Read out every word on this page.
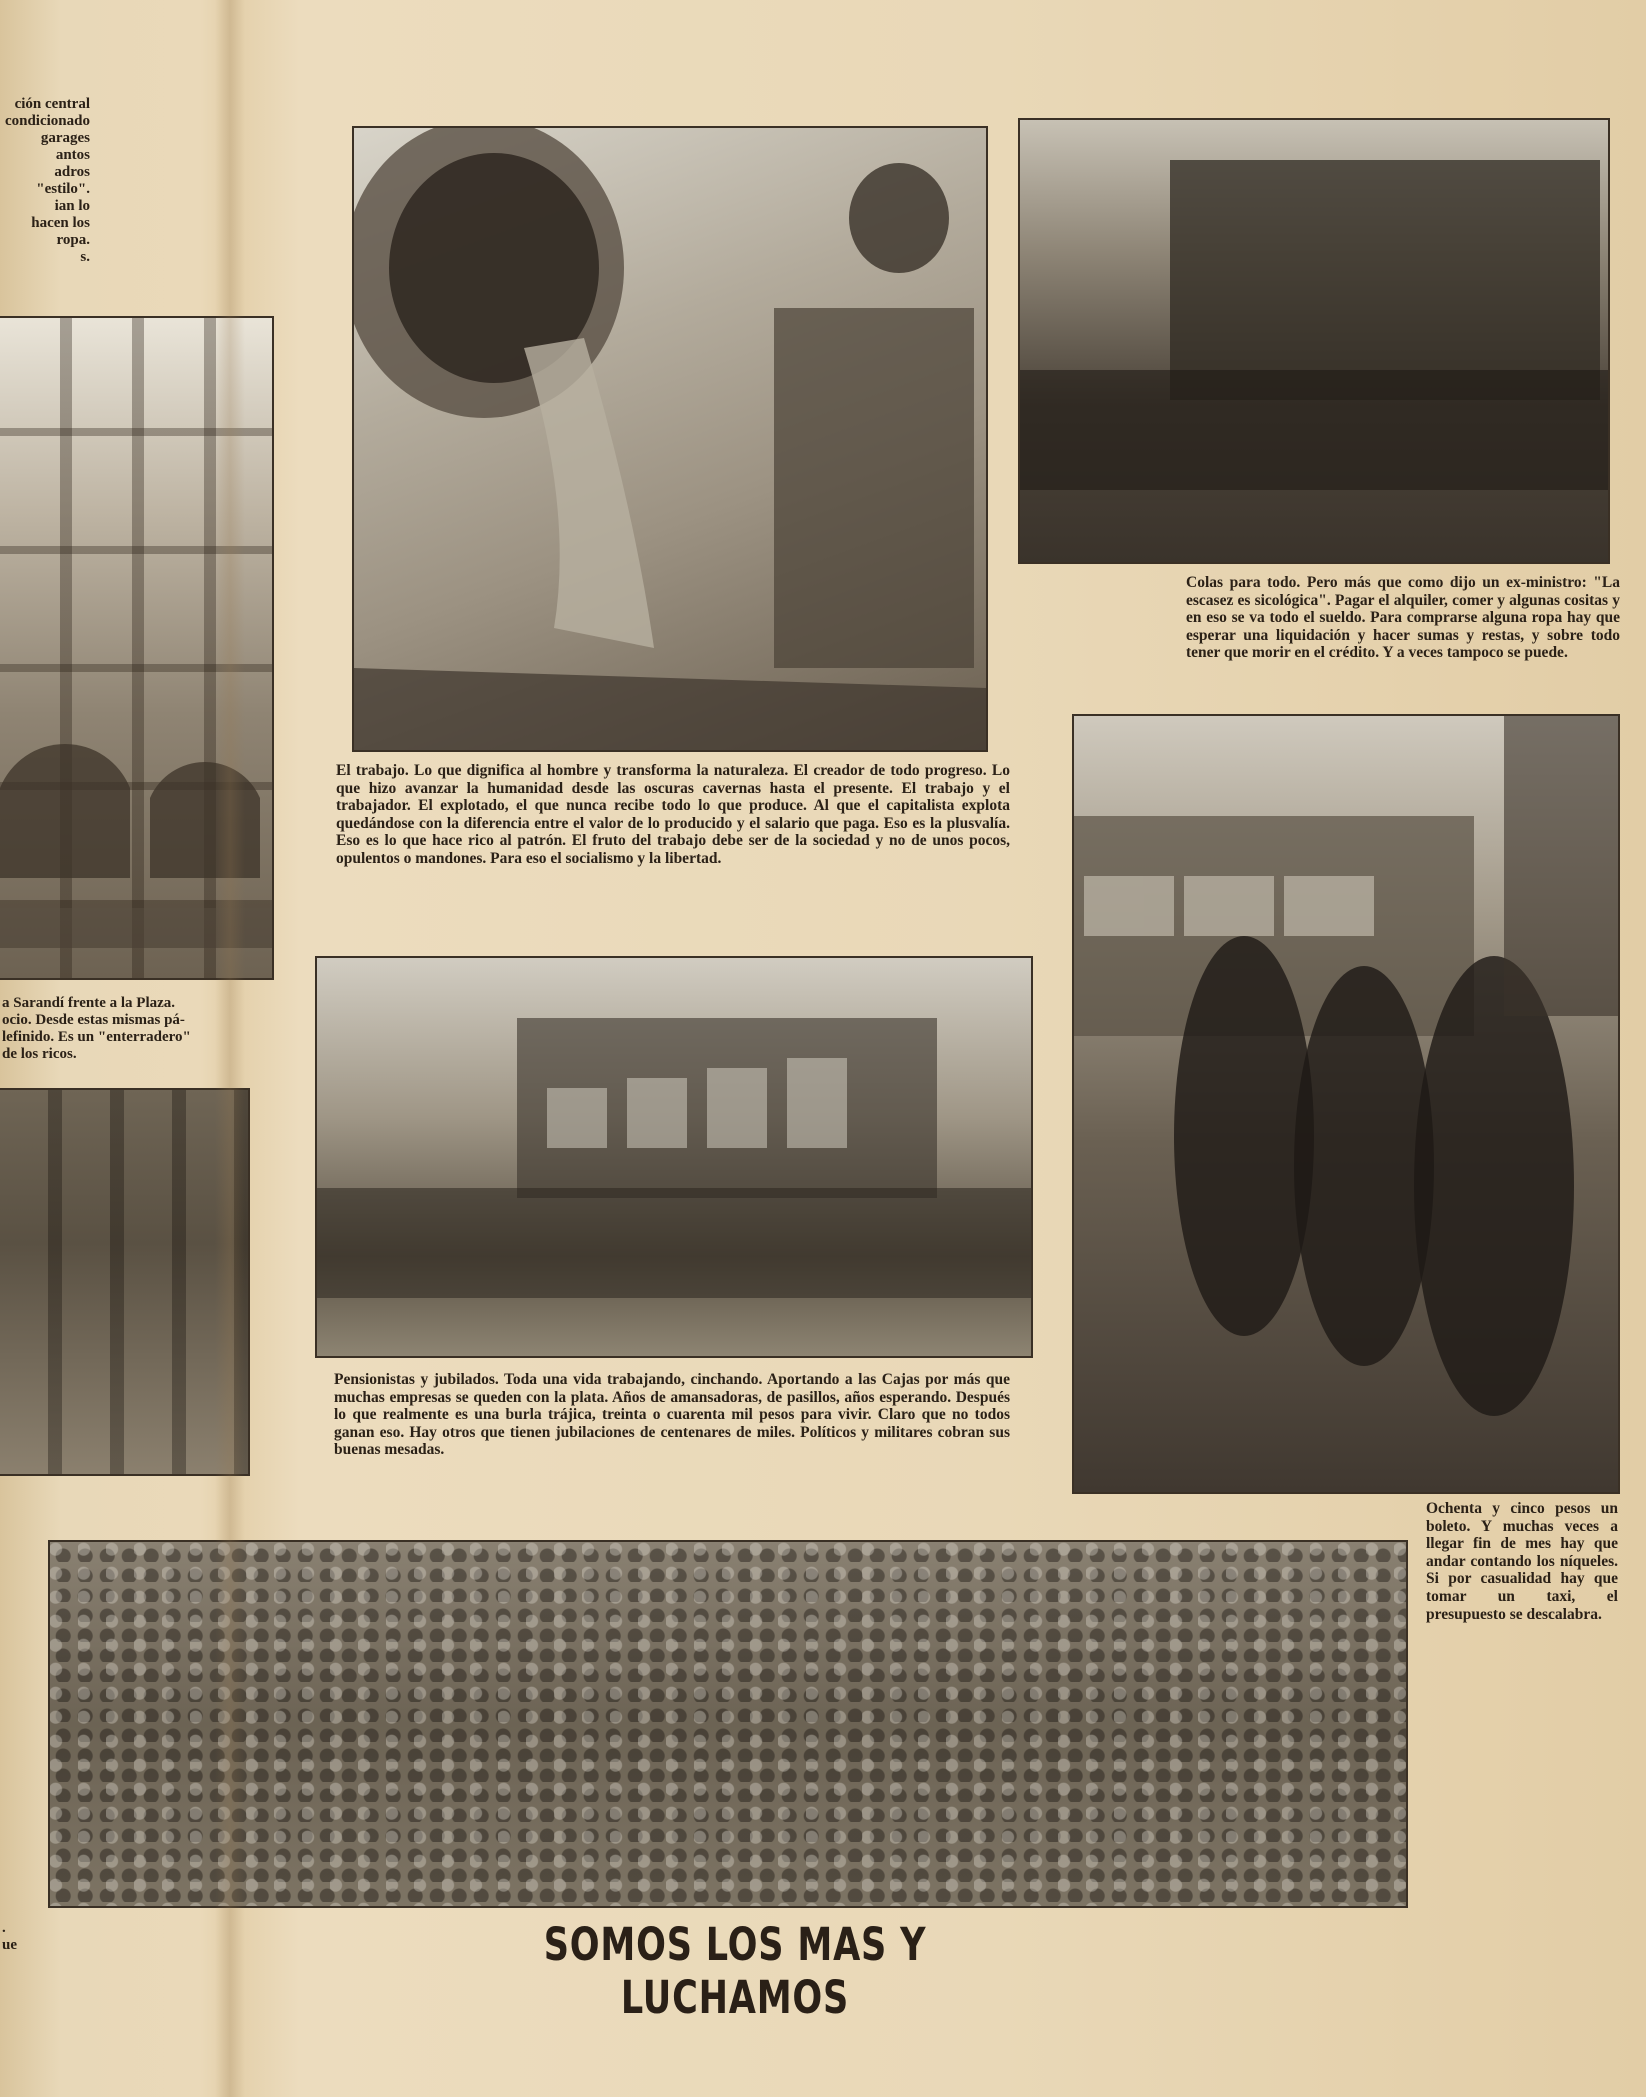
ción central
condicionado
garages
antos
adros
"estilo".
ian lo
hacen los
ropa.
s.
a Sarandí frente a la Plaza.
ocio. Desde estas mismas pá-
lefinido. Es un "enterradero"
de los ricos.
.
ue

El trabajo. Lo que dignifica al hombre y transforma la naturaleza. El creador de todo progreso. Lo que hizo avanzar la humanidad desde las oscuras cavernas hasta el presente. El trabajo y el trabajador. El explotado, el que nunca recibe todo lo que produce. Al que el capitalista explota quedándose con la diferencia entre el valor de lo producido y el salario que paga. Eso es la plusvalía. Eso es lo que hace rico al patrón. El fruto del trabajo debe ser de la sociedad y no de unos pocos, opulentos o mandones. Para eso el socialismo y la libertad.

Colas para todo. Pero más que como dijo un ex-ministro: "La escasez es sicológica". Pagar el alquiler, comer y algunas cositas y en eso se va todo el sueldo. Para comprarse alguna ropa hay que esperar una liquidación y hacer sumas y restas, y sobre todo tener que morir en el crédito. Y a veces tampoco se puede.

Pensionistas y jubilados. Toda una vida trabajando, cinchando. Aportando a las Cajas por más que muchas empresas se queden con la plata. Años de amansadoras, de pasillos, años esperando. Después lo que realmente es una burla trájica, treinta o cuarenta mil pesos para vivir. Claro que no todos ganan eso. Hay otros que tienen jubilaciones de centenares de miles. Políticos y militares cobran sus buenas mesadas.

Ochenta y cinco pesos un boleto. Y muchas veces a llegar fin de mes hay que andar contando los níqueles. Si por casualidad hay que tomar un taxi, el presupuesto se descalabra.

SOMOS LOS MAS Y LUCHAMOS
